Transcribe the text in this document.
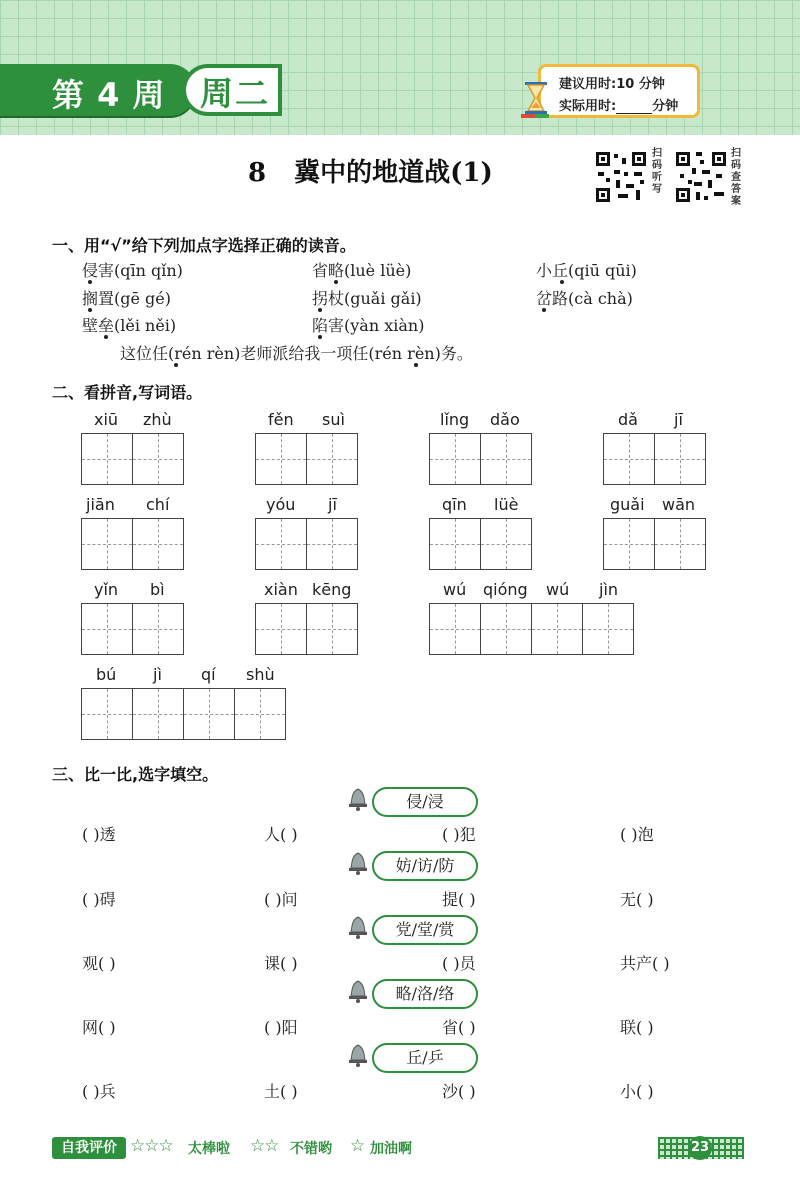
第 4 周 周二	建议用时:10 分钟
实际用时:	分钟
8 冀中的地道战(1)
扫码听写
扫码查答案
一、用“√”给下列加点字选择正确的读音。
侵害(qīn qǐn)	省略(luè lüè)	小丘(qiū qūi)
搁置(gē gé)	拐杖(guǎi gǎi)	岔路(cà chà)
壁垒(lěi něi)	陷害(yàn xiàn)
这位任(rén rèn)老师派给我一项任(rén rèn)务。
二、看拼音,写词语。
xiū zhù	fěn suì	lǐng dǎo	dǎ jī
jiān chí	yóu jī	qīn lüè	guǎi wān
yǐn bì	xiàn kēng	wú qióng wú jìn
bú jì qí shù
三、比一比,选字填空。
侵/浸
( )透	人( )	( )犯	( )泡
妨/访/防
( )碍	( )问	提( )	无( )
党/堂/赏
观( )	课( )	( )员	共产( )
略/洛/络
网( )	( )阳	省( )	联( )
丘/乒
( )兵	土( )	沙( )	小( )
自我评价 ☆☆☆ 太棒啦 ☆☆ 不错哟 ☆ 加油啊	23
